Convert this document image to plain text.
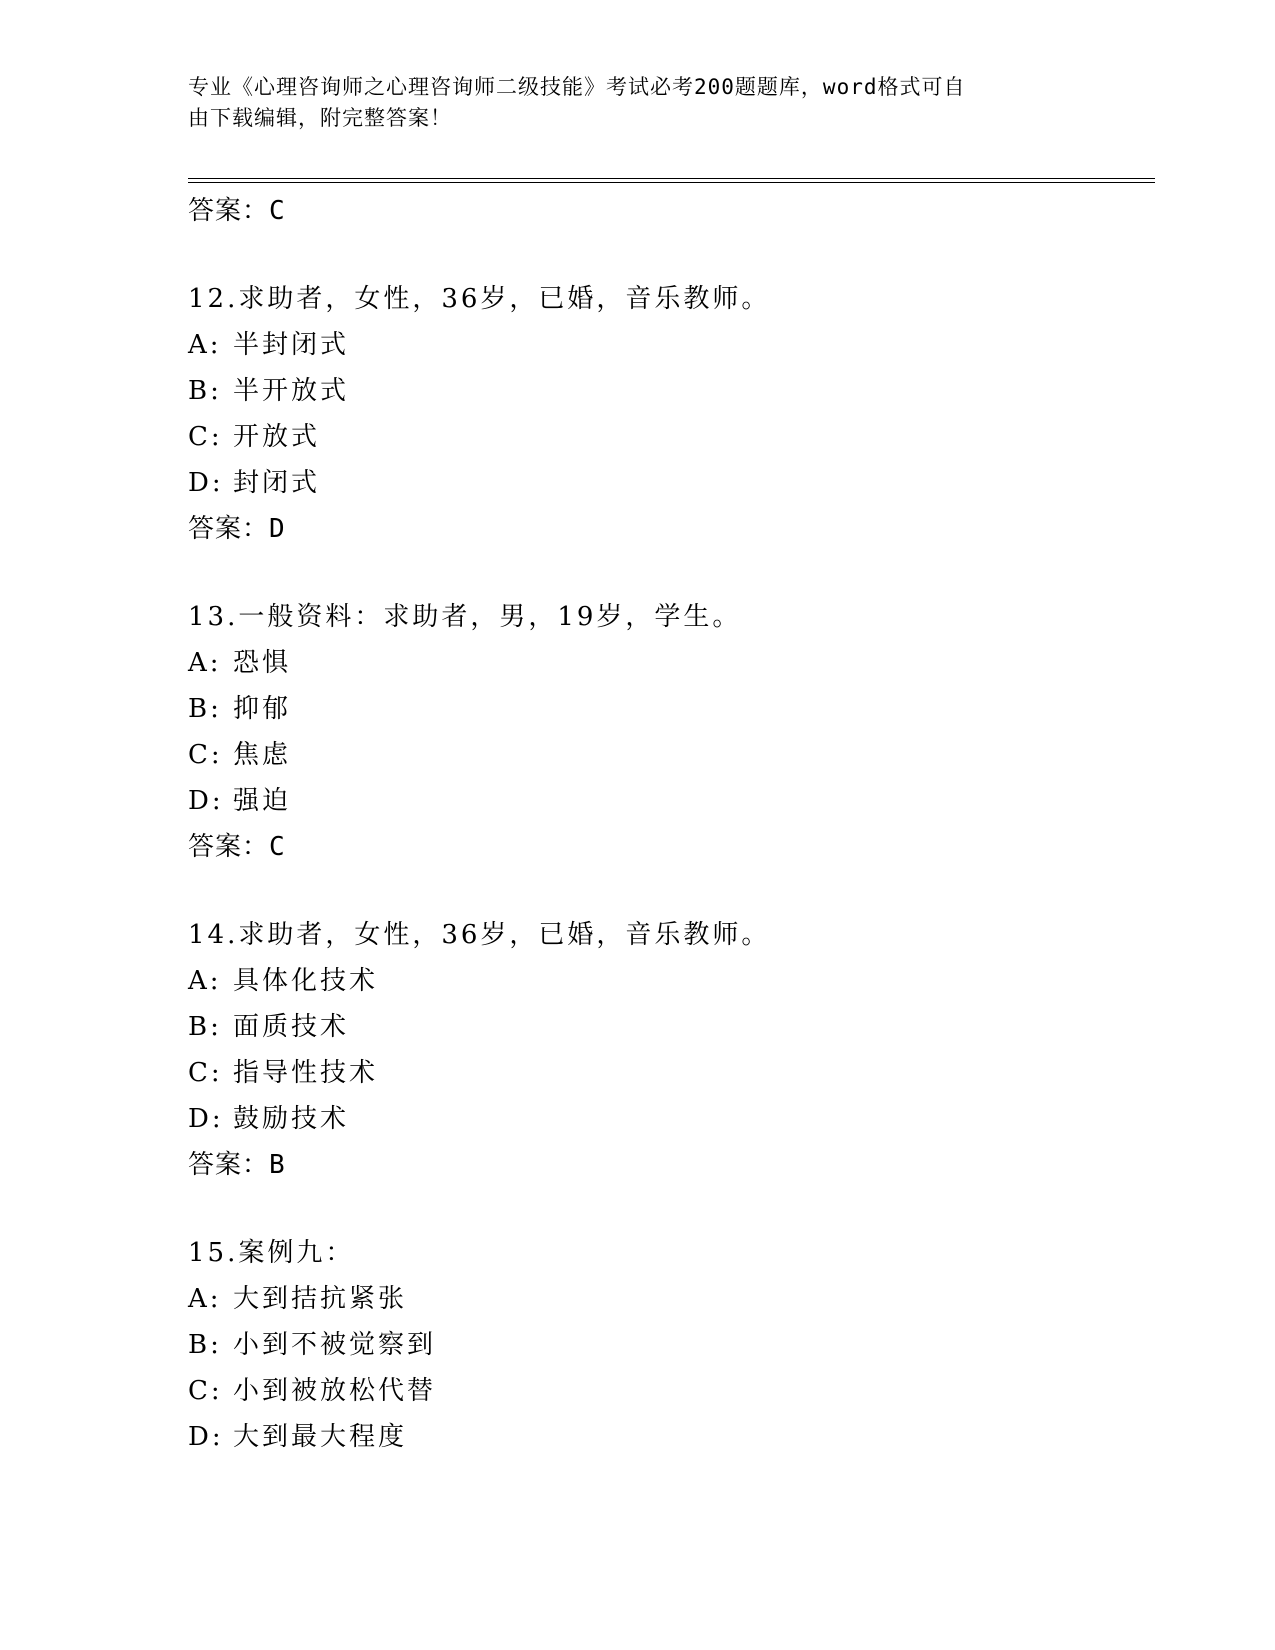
专业《心理咨询师之心理咨询师二级技能》考试必考200题题库，word格式可自
由下载编辑，附完整答案！
答案：C
12.求助者，女性，36岁，已婚，音乐教师。
A: 半封闭式
B: 半开放式
C: 开放式
D: 封闭式
答案：D
13.一般资料：求助者，男，19岁，学生。
A: 恐惧
B: 抑郁
C: 焦虑
D: 强迫
答案：C
14.求助者，女性，36岁，已婚，音乐教师。
A: 具体化技术
B: 面质技术
C: 指导性技术
D: 鼓励技术
答案：B
15.案例九：
A: 大到拮抗紧张
B: 小到不被觉察到
C: 小到被放松代替
D: 大到最大程度
